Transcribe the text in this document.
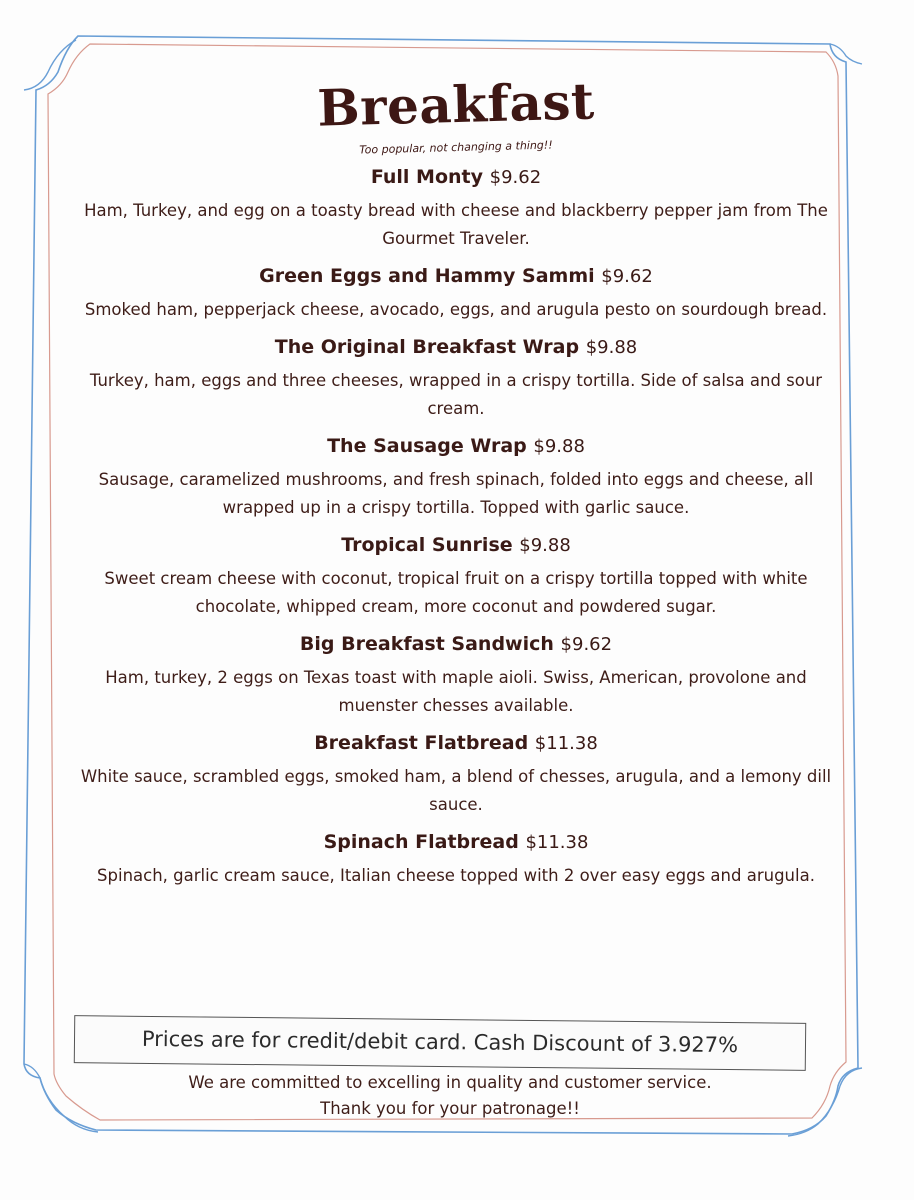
Breakfast

Too popular, not changing a thing!!

Full Monty $9.62

Ham, Turkey, and egg on a toasty bread with cheese and blackberry pepper jam from The Gourmet Traveler.

Green Eggs and Hammy Sammi $9.62

Smoked ham, pepperjack cheese, avocado, eggs, and arugula pesto on sourdough bread.

The Original Breakfast Wrap $9.88

Turkey, ham, eggs and three cheeses, wrapped in a crispy tortilla. Side of salsa and sour cream.

The Sausage Wrap $9.88

Sausage, caramelized mushrooms, and fresh spinach, folded into eggs and cheese, all wrapped up in a crispy tortilla. Topped with garlic sauce.

Tropical Sunrise $9.88

Sweet cream cheese with coconut, tropical fruit on a crispy tortilla topped with white chocolate, whipped cream, more coconut and powdered sugar.

Big Breakfast Sandwich $9.62

Ham, turkey, 2 eggs on Texas toast with maple aioli. Swiss, American, provolone and muenster chesses available.

Breakfast Flatbread $11.38

White sauce, scrambled eggs, smoked ham, a blend of chesses, arugula, and a lemony dill sauce.

Spinach Flatbread $11.38

Spinach, garlic cream sauce, Italian cheese topped with 2 over easy eggs and arugula.

Prices are for credit/debit card. Cash Discount of 3.927%
We are committed to excelling in quality and customer service.
Thank you for your patronage!!
